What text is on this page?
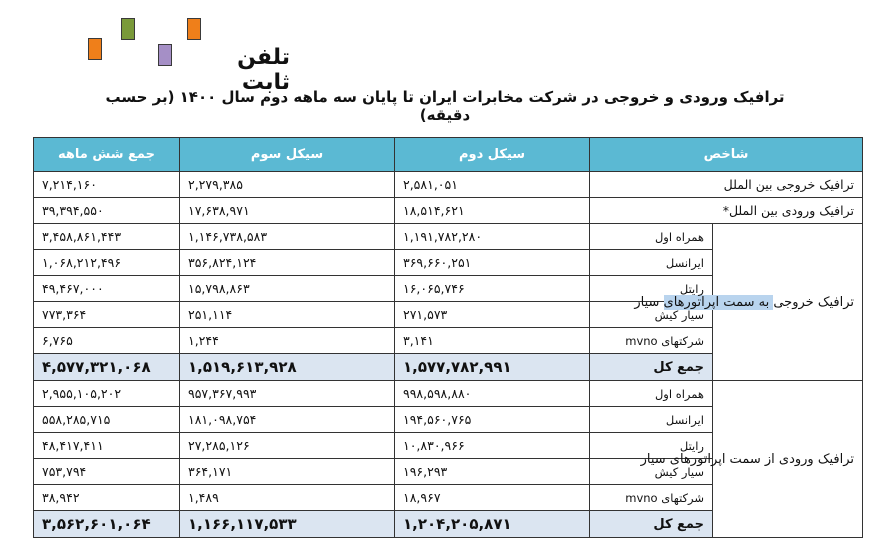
تلفن ثابت
ترافیک ورودی و خروجی در شرکت مخابرات ایران تا پایان سه ماهه دوم سال ۱۴۰۰ (بر حسب دقیقه)
شاخص		سیکل دوم	سیکل سوم	جمع شش ماهه
ترافیک خروجی بین الملل		۲,۵۸۱,۰۵۱	۲,۲۷۹,۳۸۵	۷,۲۱۴,۱۶۰
ترافیک ورودی بین الملل*		۱۸,۵۱۴,۶۲۱	۱۷,۶۳۸,۹۷۱	۳۹,۳۹۴,۵۵۰
ترافیک خروجی به سمت اپراتورهای سیار	همراه اول	۱,۱۹۱,۷۸۲,۲۸۰	۱,۱۴۶,۷۳۸,۵۸۳	۳,۴۵۸,۸۶۱,۴۴۳
	ایرانسل	۳۶۹,۶۶۰,۲۵۱	۳۵۶,۸۲۴,۱۲۴	۱,۰۶۸,۲۱۲,۴۹۶
	رایتل	۱۶,۰۶۵,۷۴۶	۱۵,۷۹۸,۸۶۳	۴۹,۴۶۷,۰۰۰
	سیار کیش	۲۷۱,۵۷۳	۲۵۱,۱۱۴	۷۷۳,۳۶۴
	شرکتهای mvno	۳,۱۴۱	۱,۲۴۴	۶,۷۶۵
	جمع کل	۱,۵۷۷,۷۸۲,۹۹۱	۱,۵۱۹,۶۱۳,۹۲۸	۴,۵۷۷,۳۲۱,۰۶۸
ترافیک ورودی از سمت اپراتورهای سیار	همراه اول	۹۹۸,۵۹۸,۸۸۰	۹۵۷,۳۶۷,۹۹۳	۲,۹۵۵,۱۰۵,۲۰۲
	ایرانسل	۱۹۴,۵۶۰,۷۶۵	۱۸۱,۰۹۸,۷۵۴	۵۵۸,۲۸۵,۷۱۵
	رایتل	۱۰,۸۳۰,۹۶۶	۲۷,۲۸۵,۱۲۶	۴۸,۴۱۷,۴۱۱
	سیار کیش	۱۹۶,۲۹۳	۳۶۴,۱۷۱	۷۵۳,۷۹۴
	شرکتهای mvno	۱۸,۹۶۷	۱,۴۸۹	۳۸,۹۴۲
	جمع کل	۱,۲۰۴,۲۰۵,۸۷۱	۱,۱۶۶,۱۱۷,۵۳۳	۳,۵۶۲,۶۰۱,۰۶۴
